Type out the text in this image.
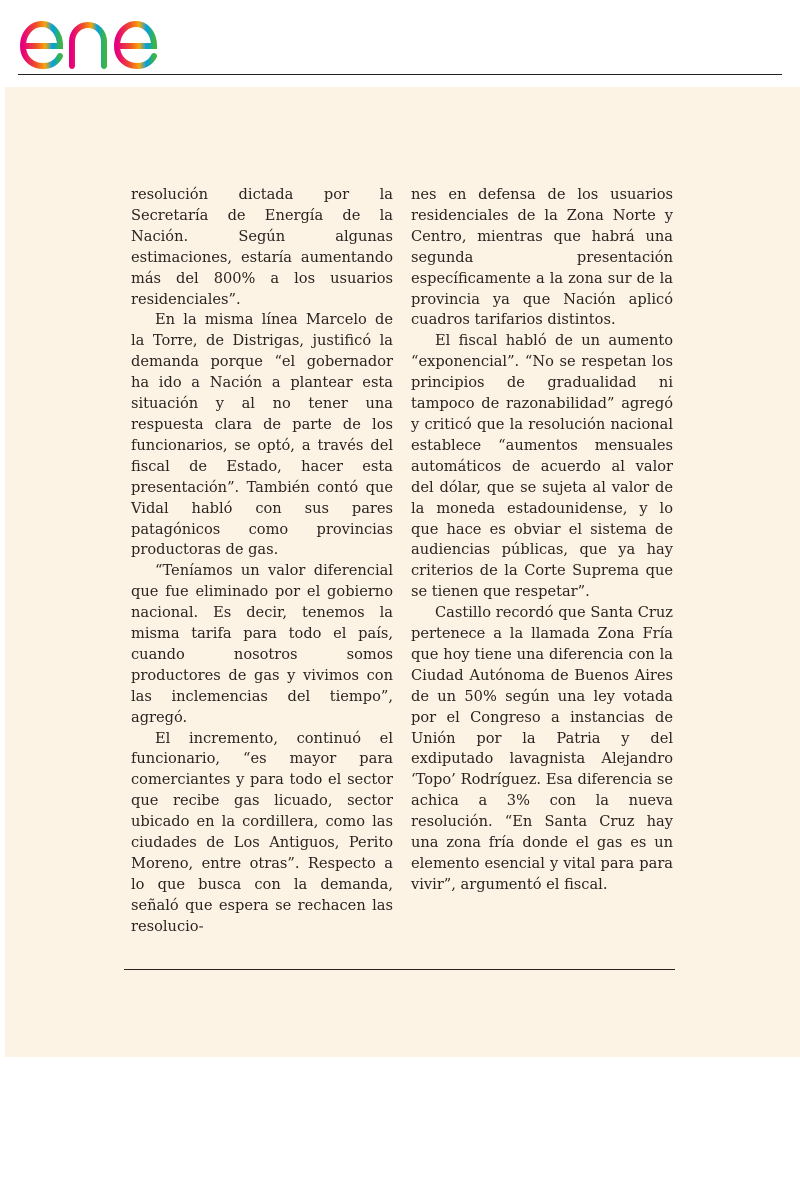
resolución dictada por la Secretaría de Energía de la Nación. Según algunas estimaciones, estaría aumentando más del 800% a los usuarios residenciales”.

En la misma línea Marcelo de la Torre, de Distrigas, justificó la demanda porque “el gobernador ha ido a Nación a plantear esta situación y al no tener una respuesta clara de parte de los funcionarios, se optó, a través del fiscal de Estado, hacer esta presentación”. También contó que Vidal habló con sus pares patagónicos como provincias productoras de gas.

“Teníamos un valor diferencial que fue eliminado por el gobierno nacional. Es decir, tenemos la misma tarifa para todo el país, cuando nosotros somos productores de gas y vivimos con las inclemencias del tiempo”, agregó.

El incremento, continuó el funcionario, “es mayor para comerciantes y para todo el sector que recibe gas licuado, sector ubicado en la cordillera, como las ciudades de Los Antiguos, Perito Moreno, entre otras”. Respecto a lo que busca con la demanda, señaló que espera se rechacen las resolucio-

nes en defensa de los usuarios residenciales de la Zona Norte y Centro, mientras que habrá una segunda presentación específicamente a la zona sur de la provincia ya que Nación aplicó cuadros tarifarios distintos.

El fiscal habló de un aumento “exponencial”. “No se respetan los principios de gradualidad ni tampoco de razonabilidad” agregó y criticó que la resolución nacional establece “aumentos mensuales automáticos de acuerdo al valor del dólar, que se sujeta al valor de la moneda estadounidense, y lo que hace es obviar el sistema de audiencias públicas, que ya hay criterios de la Corte Suprema que se tienen que respetar”.

Castillo recordó que Santa Cruz pertenece a la llamada Zona Fría que hoy tiene una diferencia con la Ciudad Autónoma de Buenos Aires de un 50% según una ley votada por el Congreso a instancias de Unión por la Patria y del exdiputado lavagnista Alejandro ‘Topo’ Rodríguez. Esa diferencia se achica a 3% con la nueva resolución. “En Santa Cruz hay una zona fría donde el gas es un elemento esencial y vital para para vivir”, argumentó el fiscal.
